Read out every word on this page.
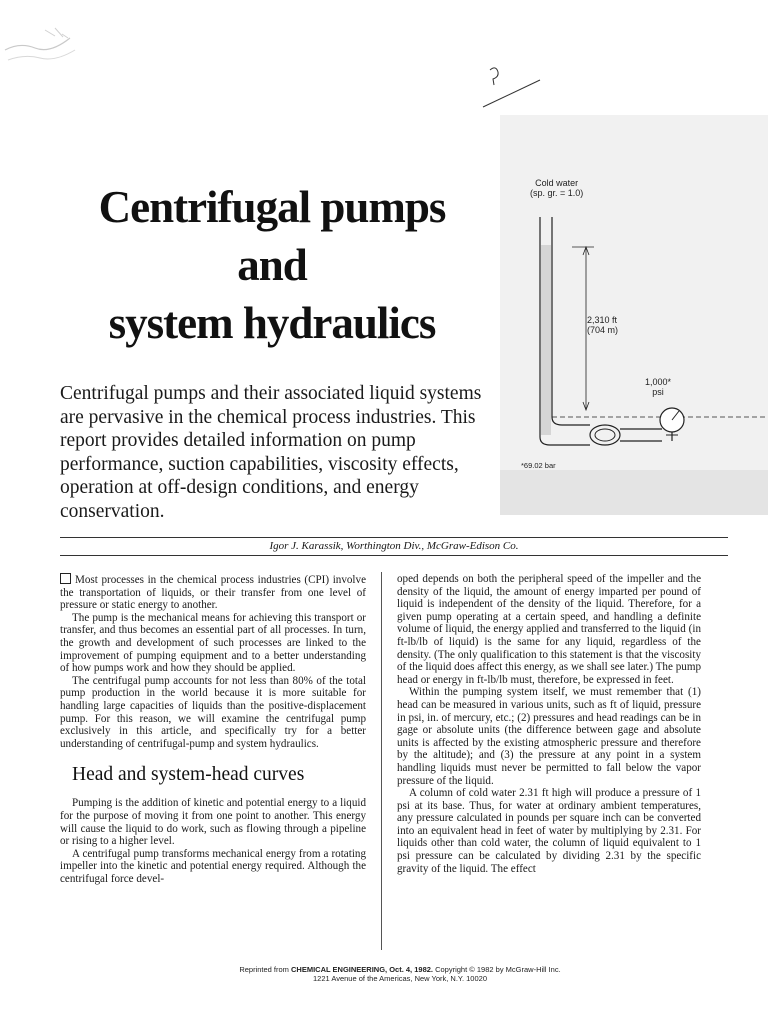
Centrifugal pumps
and
system hydraulics
Centrifugal pumps and their associated liquid systems are pervasive in the chemical process industries. This report provides detailed information on pump performance, suction capabilities, viscosity effects, operation at off-design conditions, and energy conservation.
Cold water
(sp. gr. = 1.0)
2,310 ft
(704 m)
1,000*
psi
*69.02 bar
Igor J. Karassik, Worthington Div., McGraw-Edison Co.

Most processes in the chemical process industries (CPI) involve the transportation of liquids, or their transfer from one level of pressure or static energy to another.

The pump is the mechanical means for achieving this transport or transfer, and thus becomes an essential part of all processes. In turn, the growth and development of such processes are linked to the improvement of pumping equipment and to a better understanding of how pumps work and how they should be applied.

The centrifugal pump accounts for not less than 80% of the total pump production in the world because it is more suitable for handling large capacities of liquids than the positive-displacement pump. For this reason, we will examine the centrifugal pump exclusively in this article, and specifically try for a better understanding of centrifugal-pump and system hydraulics.

Head and system-head curves

Pumping is the addition of kinetic and potential energy to a liquid for the purpose of moving it from one point to another. This energy will cause the liquid to do work, such as flowing through a pipeline or rising to a higher level.

A centrifugal pump transforms mechanical energy from a rotating impeller into the kinetic and potential energy required. Although the centrifugal force devel-

oped depends on both the peripheral speed of the impeller and the density of the liquid, the amount of energy imparted per pound of liquid is independent of the density of the liquid. Therefore, for a given pump operating at a certain speed, and handling a definite volume of liquid, the energy applied and transferred to the liquid (in ft-lb/lb of liquid) is the same for any liquid, regardless of the density. (The only qualification to this statement is that the viscosity of the liquid does affect this energy, as we shall see later.) The pump head or energy in ft-lb/lb must, therefore, be expressed in feet.

Within the pumping system itself, we must remember that (1) head can be measured in various units, such as ft of liquid, pressure in psi, in. of mercury, etc.; (2) pressures and head readings can be in gage or absolute units (the difference between gage and absolute units is affected by the existing atmospheric pressure and therefore by the altitude); and (3) the pressure at any point in a system handling liquids must never be permitted to fall below the vapor pressure of the liquid.

A column of cold water 2.31 ft high will produce a pressure of 1 psi at its base. Thus, for water at ordinary ambient temperatures, any pressure calculated in pounds per square inch can be converted into an equivalent head in feet of water by multiplying by 2.31. For liquids other than cold water, the column of liquid equivalent to 1 psi pressure can be calculated by dividing 2.31 by the specific gravity of the liquid. The effect

Reprinted from CHEMICAL ENGINEERING, Oct. 4, 1982. Copyright © 1982 by McGraw-Hill Inc.
1221 Avenue of the Americas, New York, N.Y. 10020
